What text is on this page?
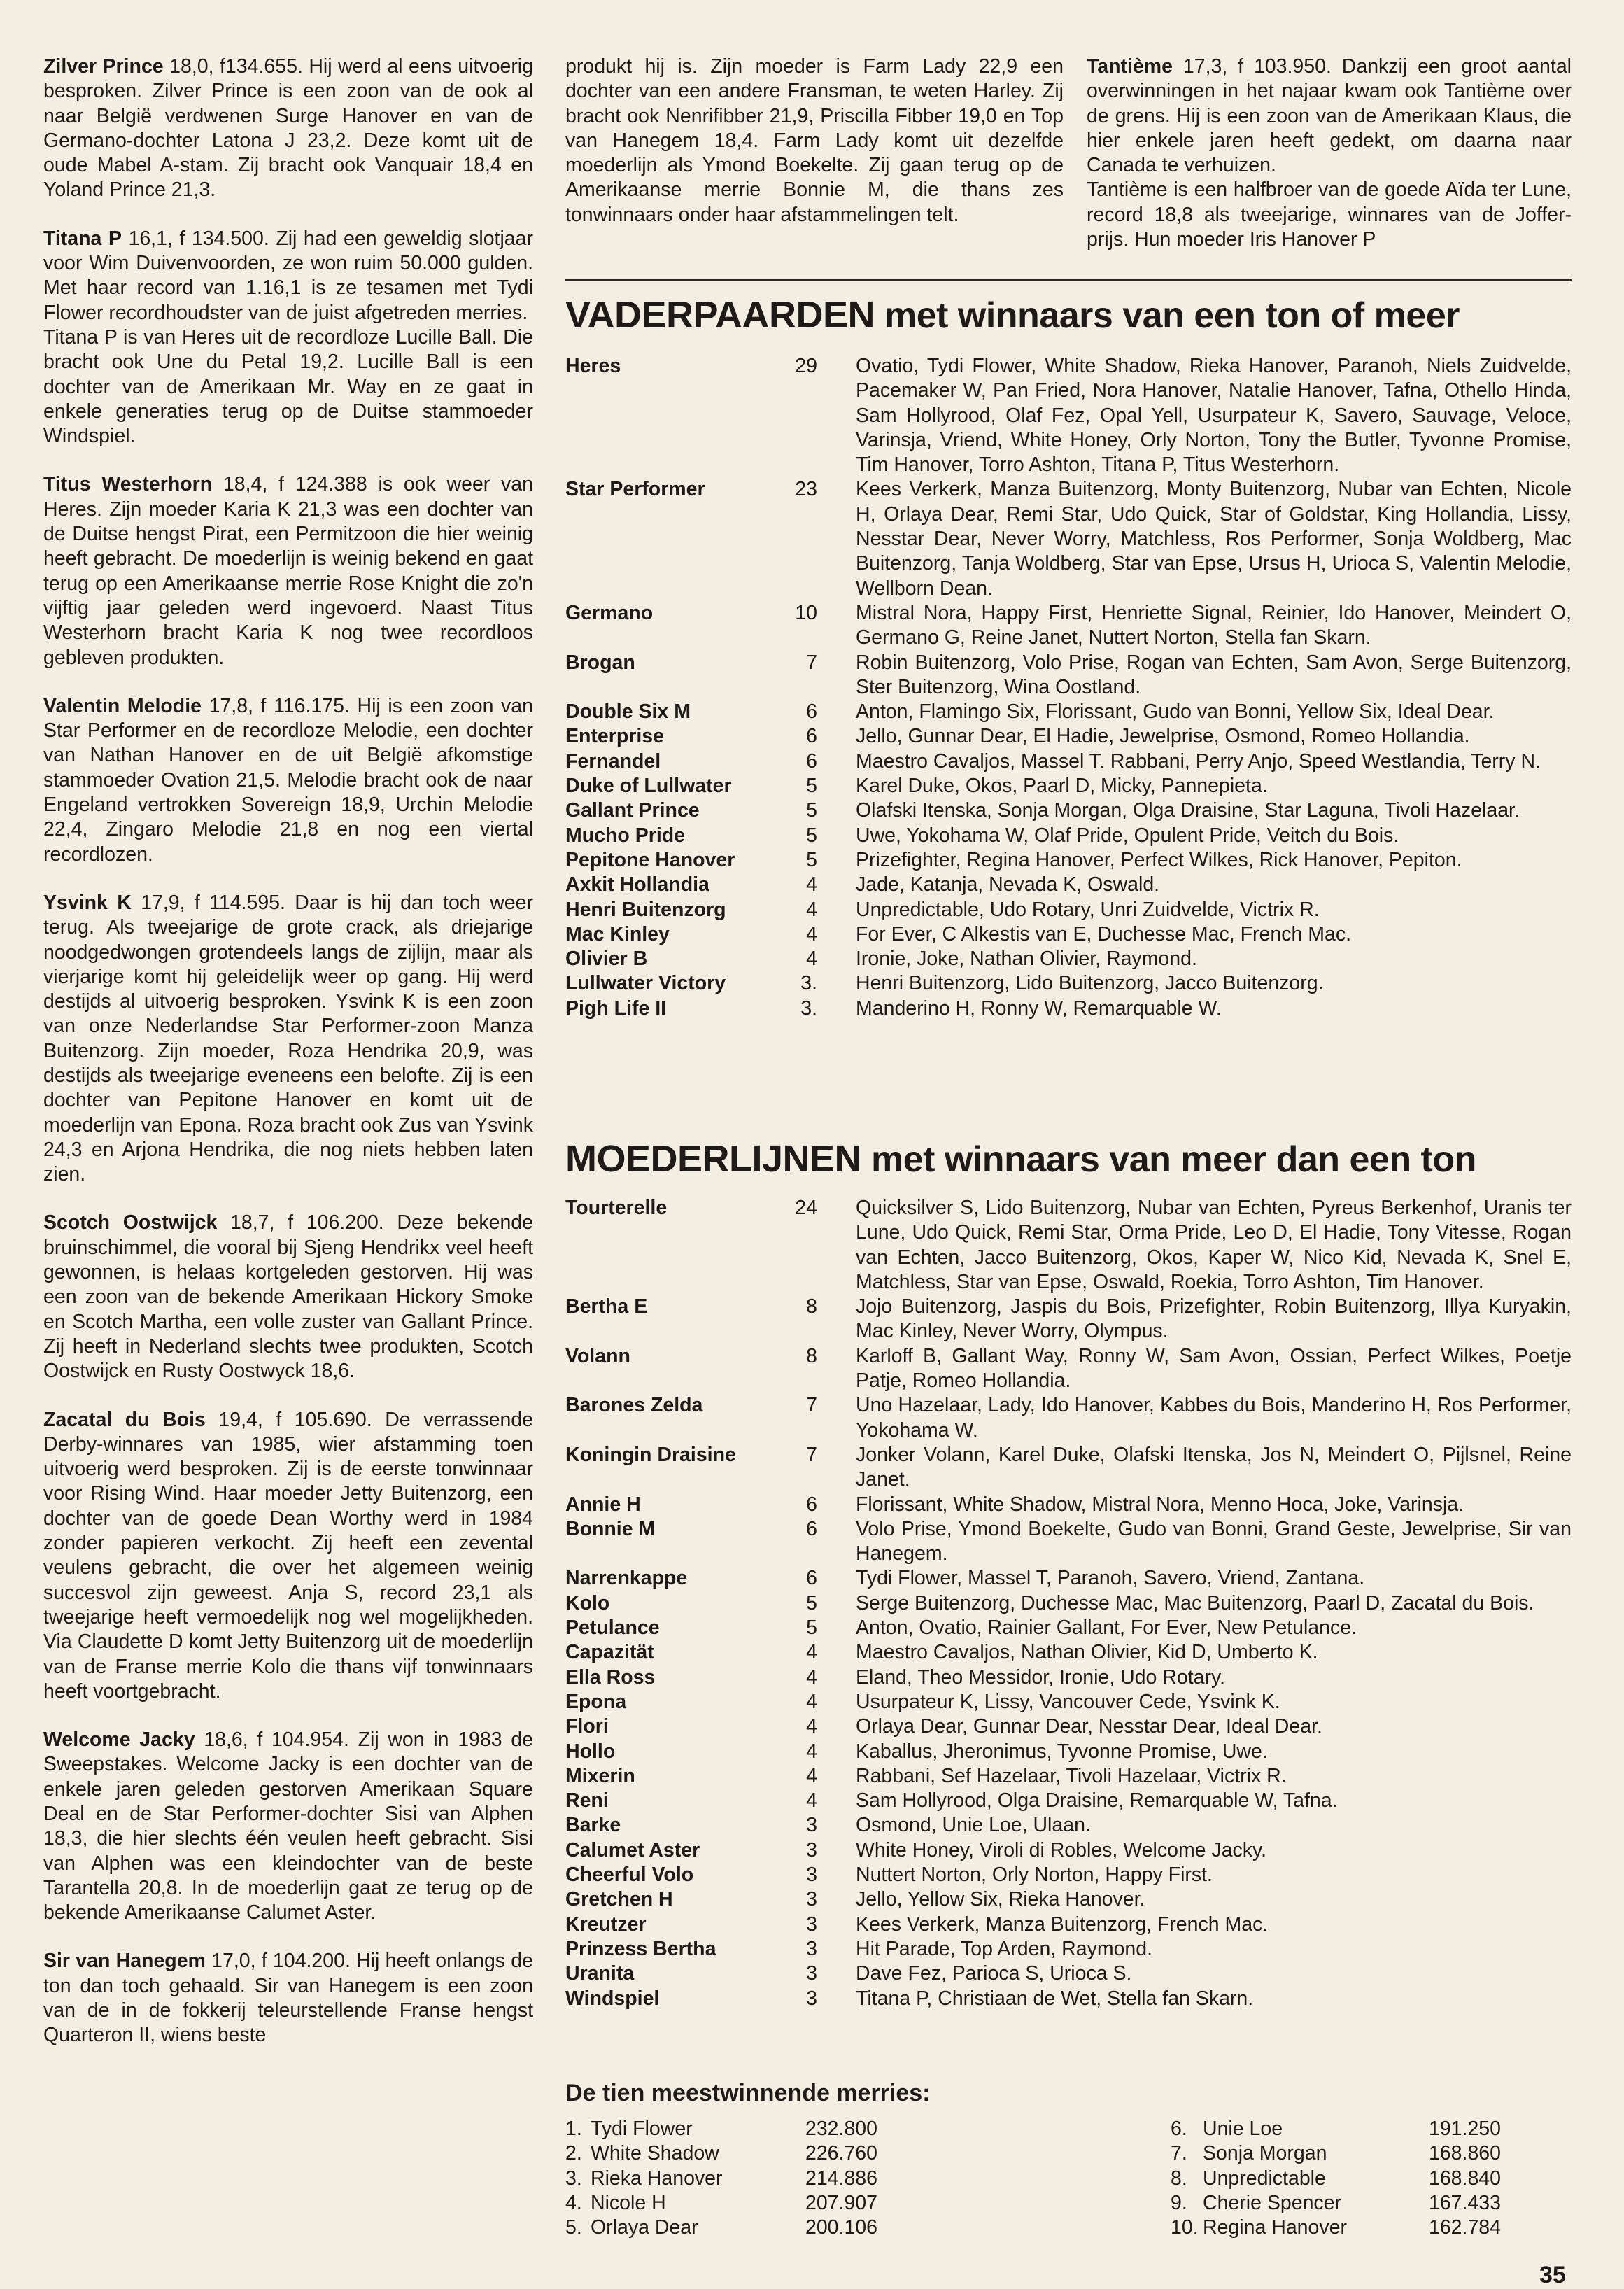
Zilver Prince 18,0, f134.655. Hij werd al eens uitvoerig besproken. Zilver Prince is een zoon van de ook al naar België verdwenen Surge Hanover en van de Germano-dochter Latona J 23,2. Deze komt uit de oude Mabel A-stam. Zij bracht ook Vanquair 18,4 en Yoland Prince 21,3.

Titana P 16,1, f 134.500. Zij had een geweldig slotjaar voor Wim Duivenvoorden, ze won ruim 50.000 gulden. Met haar record van 1.16,1 is ze tesamen met Tydi Flower recordhoudster van de juist afgetreden merries.

Titana P is van Heres uit de recordloze Lucille Ball. Die bracht ook Une du Petal 19,2. Lucille Ball is een dochter van de Amerikaan Mr. Way en ze gaat in enkele generaties terug op de Duitse stammoeder Windspiel.

Titus Westerhorn 18,4, f 124.388 is ook weer van Heres. Zijn moeder Karia K 21,3 was een dochter van de Duitse hengst Pirat, een Permitzoon die hier weinig heeft gebracht. De moederlijn is weinig bekend en gaat terug op een Amerikaanse merrie Rose Knight die zo'n vijftig jaar geleden werd ingevoerd. Naast Titus Westerhorn bracht Karia K nog twee recordloos gebleven produkten.

Valentin Melodie 17,8, f 116.175. Hij is een zoon van Star Performer en de recordloze Melodie, een dochter van Nathan Hanover en de uit België afkomstige stammoeder Ovation 21,5. Melodie bracht ook de naar Engeland vertrokken Sovereign 18,9, Urchin Melodie 22,4, Zingaro Melodie 21,8 en nog een viertal recordlozen.

Ysvink K 17,9, f 114.595. Daar is hij dan toch weer terug. Als tweejarige de grote crack, als driejarige noodgedwongen grotendeels langs de zijlijn, maar als vierjarige komt hij geleidelijk weer op gang. Hij werd destijds al uitvoerig besproken. Ysvink K is een zoon van onze Nederlandse Star Performer-zoon Manza Buitenzorg. Zijn moeder, Roza Hendrika 20,9, was destijds als tweejarige eveneens een belofte. Zij is een dochter van Pepitone Hanover en komt uit de moederlijn van Epona. Roza bracht ook Zus van Ysvink 24,3 en Arjona Hendrika, die nog niets hebben laten zien.

Scotch Oostwijck 18,7, f 106.200. Deze bekende bruinschimmel, die vooral bij Sjeng Hendrikx veel heeft gewonnen, is helaas kortgeleden gestorven. Hij was een zoon van de bekende Amerikaan Hickory Smoke en Scotch Martha, een volle zuster van Gallant Prince. Zij heeft in Nederland slechts twee produkten, Scotch Oostwijck en Rusty Oostwyck 18,6.

Zacatal du Bois 19,4, f 105.690. De verrassende Derby-winnares van 1985, wier afstamming toen uitvoerig werd besproken. Zij is de eerste tonwinnaar voor Rising Wind. Haar moeder Jetty Buitenzorg, een dochter van de goede Dean Worthy werd in 1984 zonder papieren verkocht. Zij heeft een zevental veulens gebracht, die over het algemeen weinig succesvol zijn geweest. Anja S, record 23,1 als tweejarige heeft vermoedelijk nog wel mogelijkheden. Via Claudette D komt Jetty Buitenzorg uit de moederlijn van de Franse merrie Kolo die thans vijf tonwinnaars heeft voortgebracht.

Welcome Jacky 18,6, f 104.954. Zij won in 1983 de Sweepstakes. Welcome Jacky is een dochter van de enkele jaren geleden gestorven Amerikaan Square Deal en de Star Performer-dochter Sisi van Alphen 18,3, die hier slechts één veulen heeft gebracht. Sisi van Alphen was een kleindochter van de beste Tarantella 20,8. In de moederlijn gaat ze terug op de bekende Amerikaanse Calumet Aster.

Sir van Hanegem 17,0, f 104.200. Hij heeft onlangs de ton dan toch gehaald. Sir van Hanegem is een zoon van de in de fokkerij teleurstellende Franse hengst Quarteron II, wiens beste

produkt hij is. Zijn moeder is Farm Lady 22,9 een dochter van een andere Fransman, te weten Harley. Zij bracht ook Nenrifibber 21,9, Priscilla Fibber 19,0 en Top van Hanegem 18,4. Farm Lady komt uit dezelfde moederlijn als Ymond Boekelte. Zij gaan terug op de Amerikaanse merrie Bonnie M, die thans zes tonwinnaars onder haar afstammelingen telt.

Tantième 17,3, f 103.950. Dankzij een groot aantal overwinningen in het najaar kwam ook Tantième over de grens. Hij is een zoon van de Amerikaan Klaus, die hier enkele jaren heeft gedekt, om daarna naar Canada te verhuizen.

Tantième is een halfbroer van de goede Aïda ter Lune, record 18,8 als tweejarige, winnares van de Joffer-prijs. Hun moeder Iris Hanover P

VADERPAARDEN met winnaars van een ton of meer
Heres	29 Ovatio, Tydi Flower, White Shadow, Rieka Hanover, Paranoh, Niels Zuidvelde, Pacemaker W, Pan Fried, Nora Hanover, Natalie Hanover, Tafna, Othello Hinda, Sam Hollyrood, Olaf Fez, Opal Yell, Usurpateur K, Savero, Sauvage, Veloce, Varinsja, Vriend, White Honey, Orly Norton, Tony the Butler, Tyvonne Promise, Tim Hanover, Torro Ashton, Titana P, Titus Westerhorn.
Star Performer	23 Kees Verkerk, Manza Buitenzorg, Monty Buitenzorg, Nubar van Echten, Nicole H, Orlaya Dear, Remi Star, Udo Quick, Star of Goldstar, King Hollandia, Lissy, Nesstar Dear, Never Worry, Matchless, Ros Performer, Sonja Woldberg, Mac Buitenzorg, Tanja Woldberg, Star van Epse, Ursus H, Urioca S, Valentin Melodie, Wellborn Dean.
Germano	10 Mistral Nora, Happy First, Henriette Signal, Reinier, Ido Hanover, Meindert O, Germano G, Reine Janet, Nuttert Norton, Stella fan Skarn.
Brogan	7 Robin Buitenzorg, Volo Prise, Rogan van Echten, Sam Avon, Serge Buitenzorg, Ster Buitenzorg, Wina Oostland.
Double Six M	6 Anton, Flamingo Six, Florissant, Gudo van Bonni, Yellow Six, Ideal Dear.
Enterprise	6 Jello, Gunnar Dear, El Hadie, Jewelprise, Osmond, Romeo Hollandia.
Fernandel	6 Maestro Cavaljos, Massel T. Rabbani, Perry Anjo, Speed Westlandia, Terry N.
Duke of Lullwater	5 Karel Duke, Okos, Paarl D, Micky, Pannepieta.
Gallant Prince	5 Olafski Itenska, Sonja Morgan, Olga Draisine, Star Laguna, Tivoli Hazelaar.
Mucho Pride	5 Uwe, Yokohama W, Olaf Pride, Opulent Pride, Veitch du Bois.
Pepitone Hanover	5 Prizefighter, Regina Hanover, Perfect Wilkes, Rick Hanover, Pepiton.
Axkit Hollandia	4 Jade, Katanja, Nevada K, Oswald.
Henri Buitenzorg	4 Unpredictable, Udo Rotary, Unri Zuidvelde, Victrix R.
Mac Kinley	4 For Ever, C Alkestis van E, Duchesse Mac, French Mac.
Olivier B	4 Ironie, Joke, Nathan Olivier, Raymond.
Lullwater Victory	3. Henri Buitenzorg, Lido Buitenzorg, Jacco Buitenzorg.
Pigh Life II	3. Manderino H, Ronny W, Remarquable W.
MOEDERLIJNEN met winnaars van meer dan een ton
Tourterelle	24 Quicksilver S, Lido Buitenzorg, Nubar van Echten, Pyreus Berkenhof, Uranis ter Lune, Udo Quick, Remi Star, Orma Pride, Leo D, El Hadie, Tony Vitesse, Rogan van Echten, Jacco Buitenzorg, Okos, Kaper W, Nico Kid, Nevada K, Snel E, Matchless, Star van Epse, Oswald, Roekia, Torro Ashton, Tim Hanover.
Bertha E	8 Jojo Buitenzorg, Jaspis du Bois, Prizefighter, Robin Buitenzorg, Illya Kuryakin, Mac Kinley, Never Worry, Olympus.
Volann	8 Karloff B, Gallant Way, Ronny W, Sam Avon, Ossian, Perfect Wilkes, Poetje Patje, Romeo Hollandia.
Barones Zelda	7 Uno Hazelaar, Lady, Ido Hanover, Kabbes du Bois, Manderino H, Ros Performer, Yokohama W.
Koningin Draisine	7 Jonker Volann, Karel Duke, Olafski Itenska, Jos N, Meindert O, Pijlsnel, Reine Janet.
Annie H	6 Florissant, White Shadow, Mistral Nora, Menno Hoca, Joke, Varinsja.
Bonnie M	6 Volo Prise, Ymond Boekelte, Gudo van Bonni, Grand Geste, Jewelprise, Sir van Hanegem.
Narrenkappe	6 Tydi Flower, Massel T, Paranoh, Savero, Vriend, Zantana.
Kolo	5 Serge Buitenzorg, Duchesse Mac, Mac Buitenzorg, Paarl D, Zacatal du Bois.
Petulance	5 Anton, Ovatio, Rainier Gallant, For Ever, New Petulance.
Capazität	4 Maestro Cavaljos, Nathan Olivier, Kid D, Umberto K.
Ella Ross	4 Eland, Theo Messidor, Ironie, Udo Rotary.
Epona	4 Usurpateur K, Lissy, Vancouver Cede, Ysvink K.
Flori	4 Orlaya Dear, Gunnar Dear, Nesstar Dear, Ideal Dear.
Hollo	4 Kaballus, Jheronimus, Tyvonne Promise, Uwe.
Mixerin	4 Rabbani, Sef Hazelaar, Tivoli Hazelaar, Victrix R.
Reni	4 Sam Hollyrood, Olga Draisine, Remarquable W, Tafna.
Barke	3 Osmond, Unie Loe, Ulaan.
Calumet Aster	3 White Honey, Viroli di Robles, Welcome Jacky.
Cheerful Volo	3 Nuttert Norton, Orly Norton, Happy First.
Gretchen H	3 Jello, Yellow Six, Rieka Hanover.
Kreutzer	3 Kees Verkerk, Manza Buitenzorg, French Mac.
Prinzess Bertha	3 Hit Parade, Top Arden, Raymond.
Uranita	3 Dave Fez, Parioca S, Urioca S.
Windspiel	3 Titana P, Christiaan de Wet, Stella fan Skarn.
De tien meestwinnende merries:
1. Tydi Flower	232.800
2. White Shadow	226.760
3. Rieka Hanover	214.886
4. Nicole H	207.907
5. Orlaya Dear	200.106
6. Unie Loe	191.250
7. Sonja Morgan	168.860
8. Unpredictable	168.840
9. Cherie Spencer	167.433
10. Regina Hanover	162.784
35
